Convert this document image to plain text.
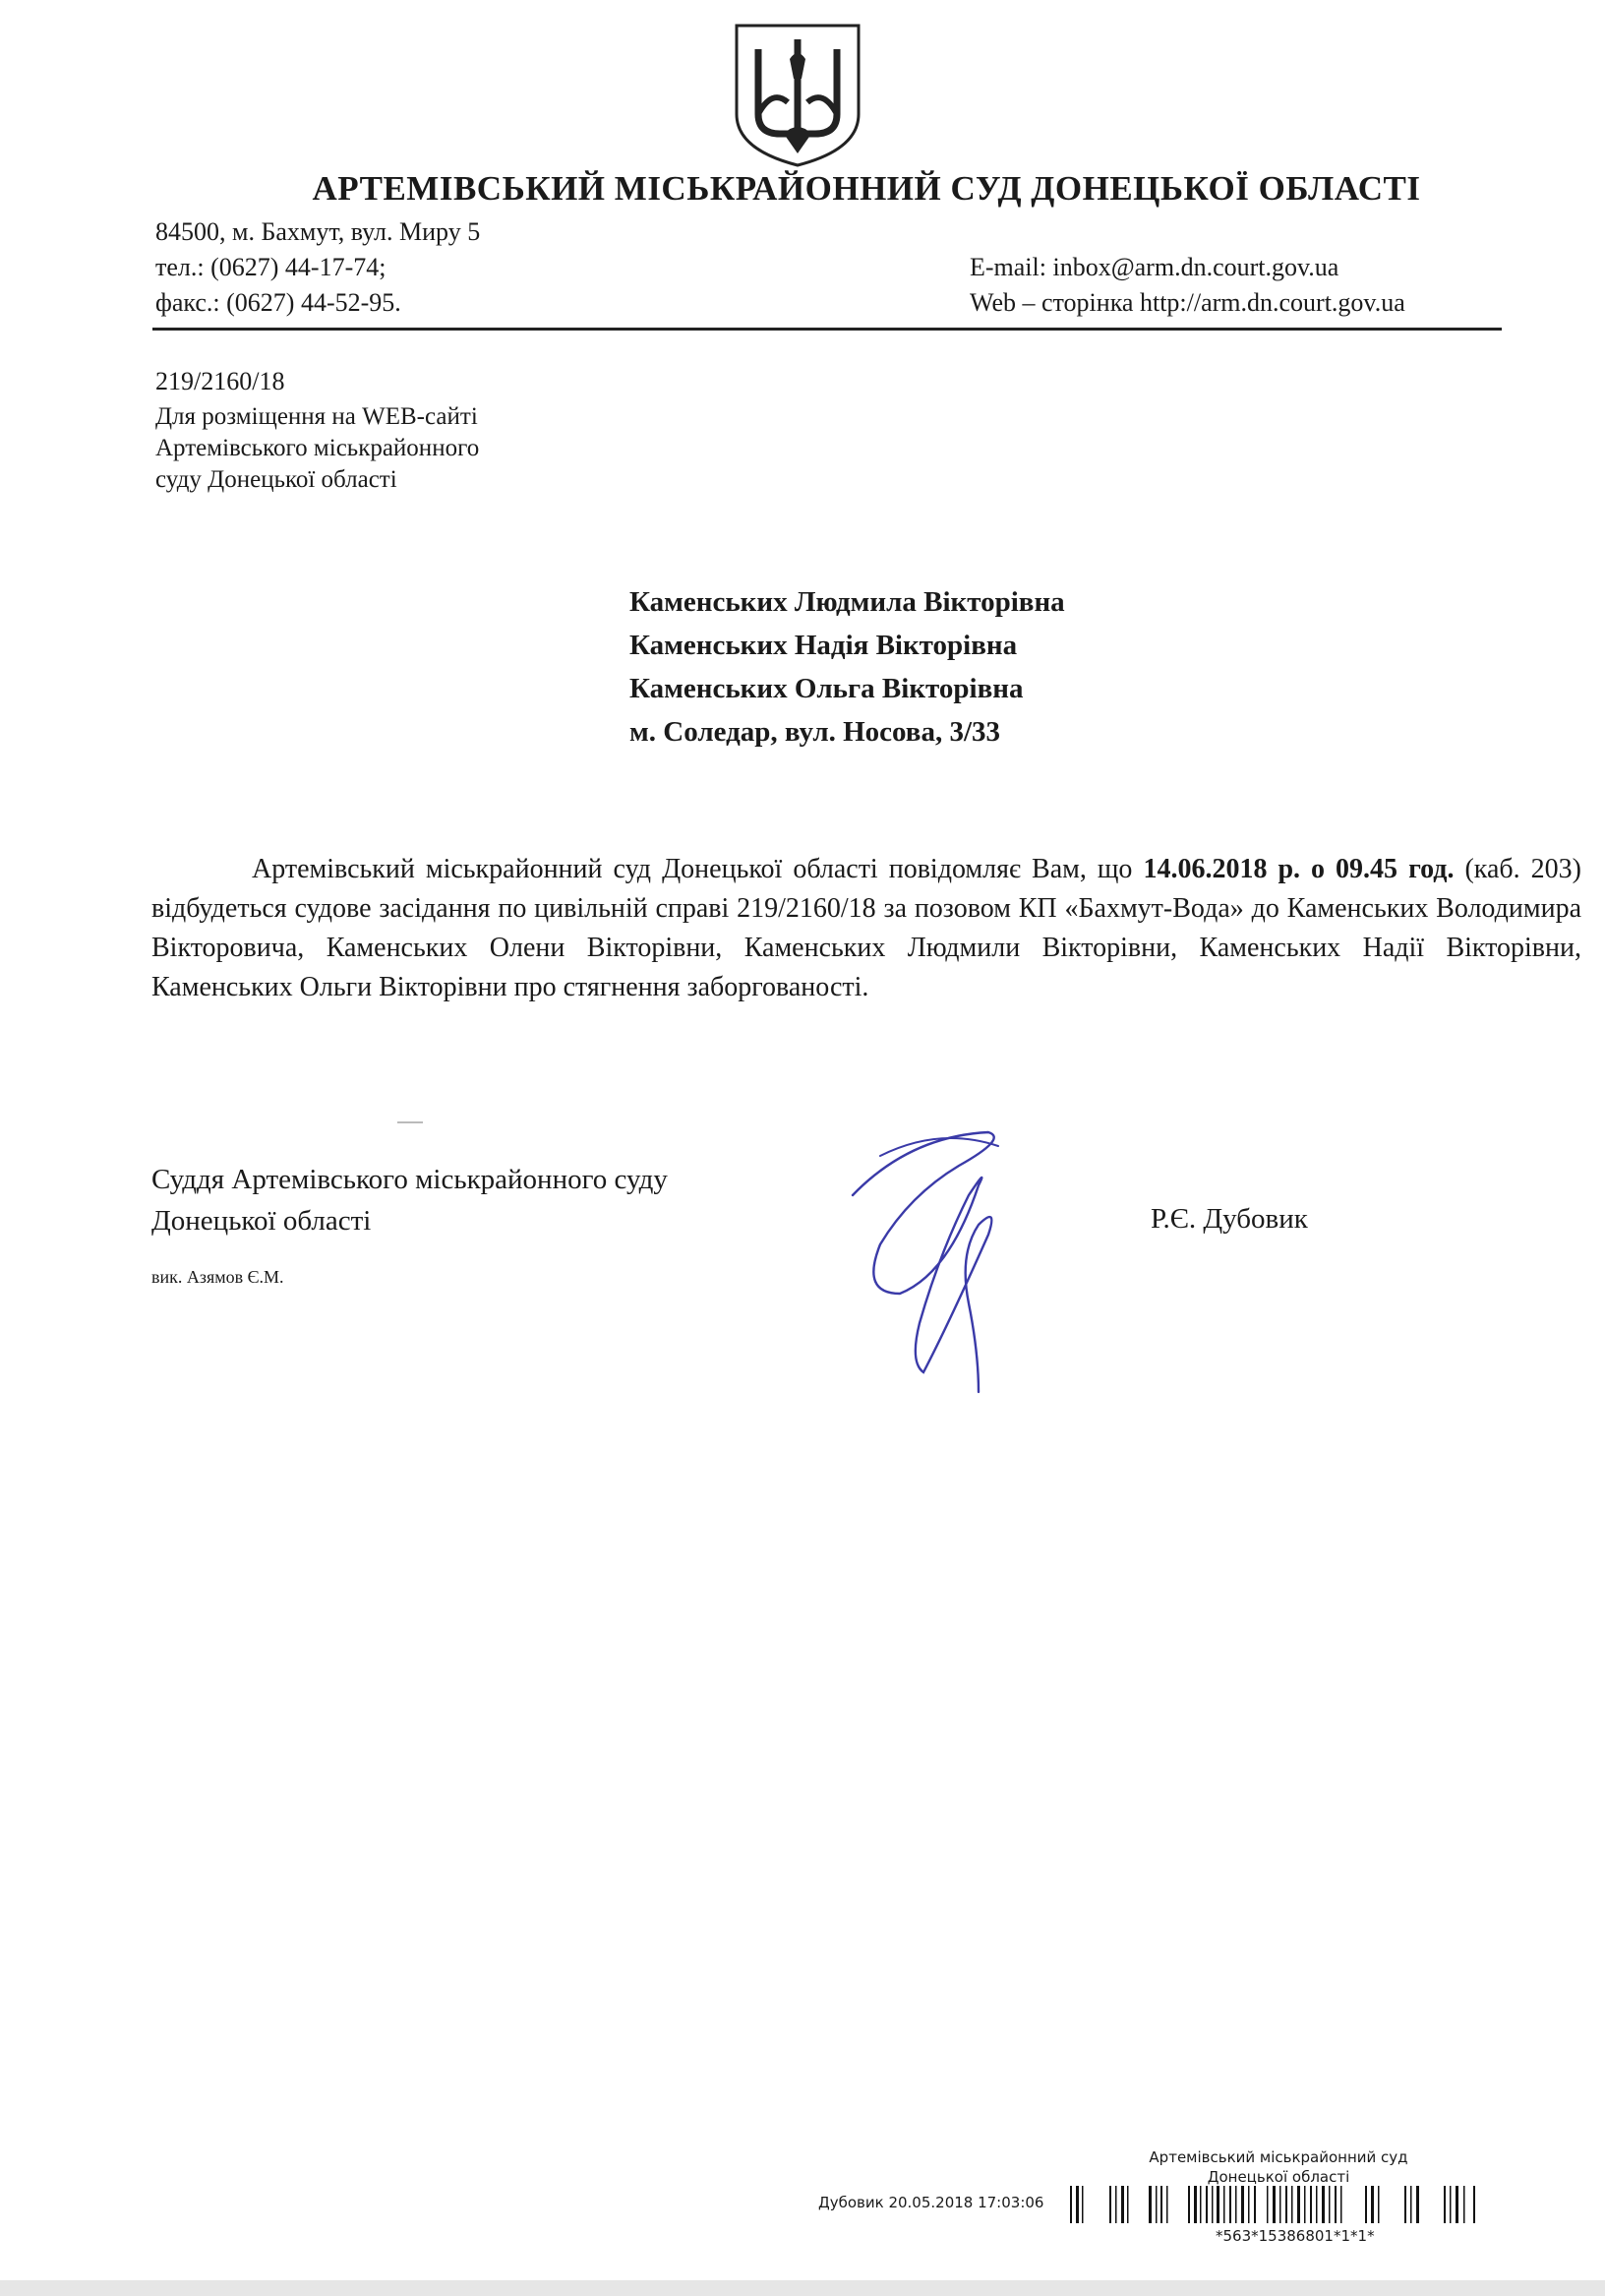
АРТЕМІВСЬКИЙ МІСЬКРАЙОННИЙ СУД ДОНЕЦЬКОЇ ОБЛАСТІ
84500, м. Бахмут, вул. Миру 5
тел.: (0627) 44-17-74;
факс.: (0627) 44-52-95.
E-mail: inbox@arm.dn.court.gov.ua
Web – сторінка http://arm.dn.court.gov.ua
219/2160/18
Для розміщення на WEB-сайті
Артемівського міськрайонного
суду Донецької області
Каменських Людмила Вікторівна
Каменських Надія Вікторівна
Каменських Ольга Вікторівна
м. Соледар, вул. Носова, 3/33
Артемівський міськрайонний суд Донецької області повідомляє Вам, що 14.06.2018 р. о 09.45 год. (каб. 203) відбудеться судове засідання по цивільній справі 219/2160/18 за позовом КП «Бахмут-Вода» до Каменських Володимира Вікторовича, Каменських Олени Вікторівни, Каменських Людмили Вікторівни, Каменських Надії Вікторівни, Каменських Ольги Вікторівни про стягнення заборгованості.
Суддя Артемівського міськрайонного суду
Донецької області	Р.Є. Дубовик
вик. Азямов Є.М.
Артемівський міськрайонний суд
Донецької області
Дубовик 20.05.2018 17:03:06
*563*15386801*1*1*
